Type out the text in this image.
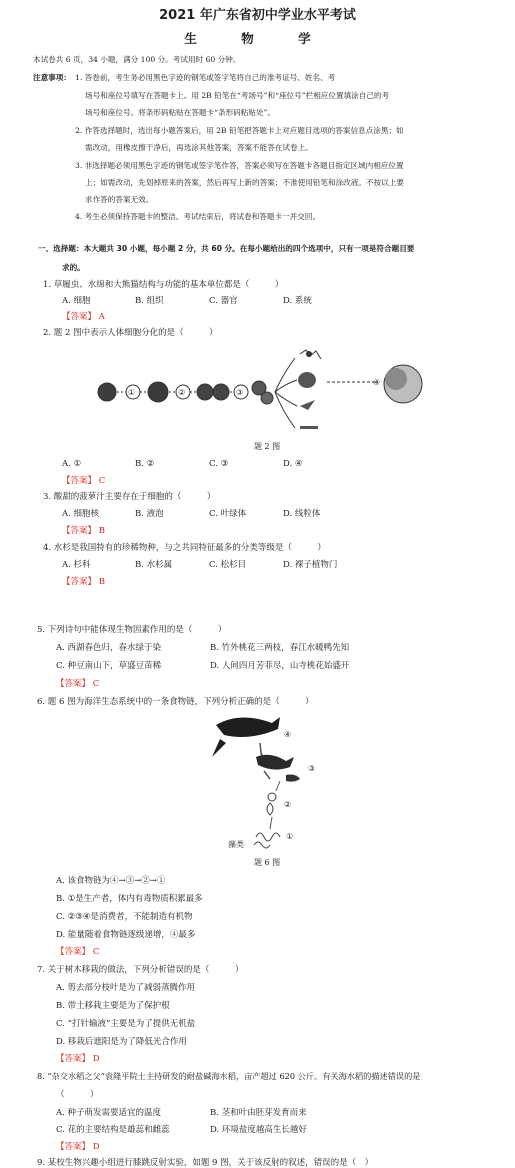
2021 年广东省初中学业水平考试
生 物 学
本试卷共 6 页，34 小题，满分 100 分。考试用时 60 分钟。
注意事项： 1. 答卷前，考生务必用黑色字迹的钢笔或签字笔将自己的准考证号、姓名、考
场号和座位号填写在答题卡上。用 2B 铅笔在“考场号”和“座位号”栏相应位置填涂自己的考
场号和座位号。将条形码粘贴在答题卡“条形码粘贴处”。
2. 作答选择题时，选出每小题答案后，用 2B 铅笔把答题卡上对应题目选项的答案信息点涂黑；如
需改动，用橡皮擦干净后，再选涂其他答案，答案不能答在试卷上。
3. 非选择题必须用黑色字迹的钢笔或签字笔作答，答案必须写在答题卡各题目指定区域内相应位置
上；如需改动，先划掉原来的答案，然后再写上新的答案；不准使用铅笔和涂改液。不按以上要
求作答的答案无效。
4. 考生必须保持答题卡的整洁。考试结束后，将试卷和答题卡一并交回。
一、选择题：本大题共 30 小题，每小题 2 分，共 60 分。在每小题给出的四个选项中，只有一项是符合题目要
求的。
1. 草履虫、水绵和大熊猫结构与功能的基本单位都是（　　　）
A. 细胞	B. 组织	C. 器官	D. 系统
【答案】 A
2. 题 2 图中表示人体细胞分化的是（　　　）
①	②	③
④
题 2 图
A. ①	B. ②	C. ③	D. ④
【答案】 C
3. 酸甜的菠萝汁主要存在于细胞的（　　　）
A. 细胞核	B. 液泡	C. 叶绿体	D. 线粒体
【答案】 B
4. 水杉是我国特有的珍稀物种，与之共同特征最多的分类等级是（　　　）
A. 杉科	B. 水杉属	C. 松杉目	D. 裸子植物门
【答案】 B
5. 下列诗句中能体现生物因素作用的是（　　　）
A. 西湖春色归，春水绿于染	B. 竹外桃花三两枝，春江水暖鸭先知
C. 种豆南山下，草盛豆苗稀	D. 人间四月芳菲尽，山寺桃花始盛开
【答案】 C
6. 题 6 图为海洋生态系统中的一条食物链，下列分析正确的是（　　　）
④
③
②
①
藻类
题 6 图
A. 该食物链为④→③→②→①
B. ①是生产者，体内有毒物质积累最多
C. ②③④是消费者，不能制造有机物
D. 能量随着食物链逐级递增，④最多
【答案】 C
7. 关于树木移栽的做法，下列分析错误的是（　　　）
A. 剪去部分枝叶是为了减弱蒸腾作用
B. 带土移栽主要是为了保护根
C. “打针输液”主要是为了提供无机盐
D. 移栽后遮阳是为了降低光合作用
【答案】 D
8. “杂交水稻之父”袁隆平院士主持研发的耐盐碱海水稻，亩产超过 620 公斤。有关海水稻的描述错误的是
（　　　）
A. 种子萌发需要适宜的温度	B. 茎和叶由胚芽发育而来
C. 花的主要结构是雄蕊和雌蕊	D. 环境盐度越高生长越好
【答案】 D
9. 某校生物兴趣小组进行膝跳反射实验，如题 9 图，关于该反射的叙述，错误的是（　）
